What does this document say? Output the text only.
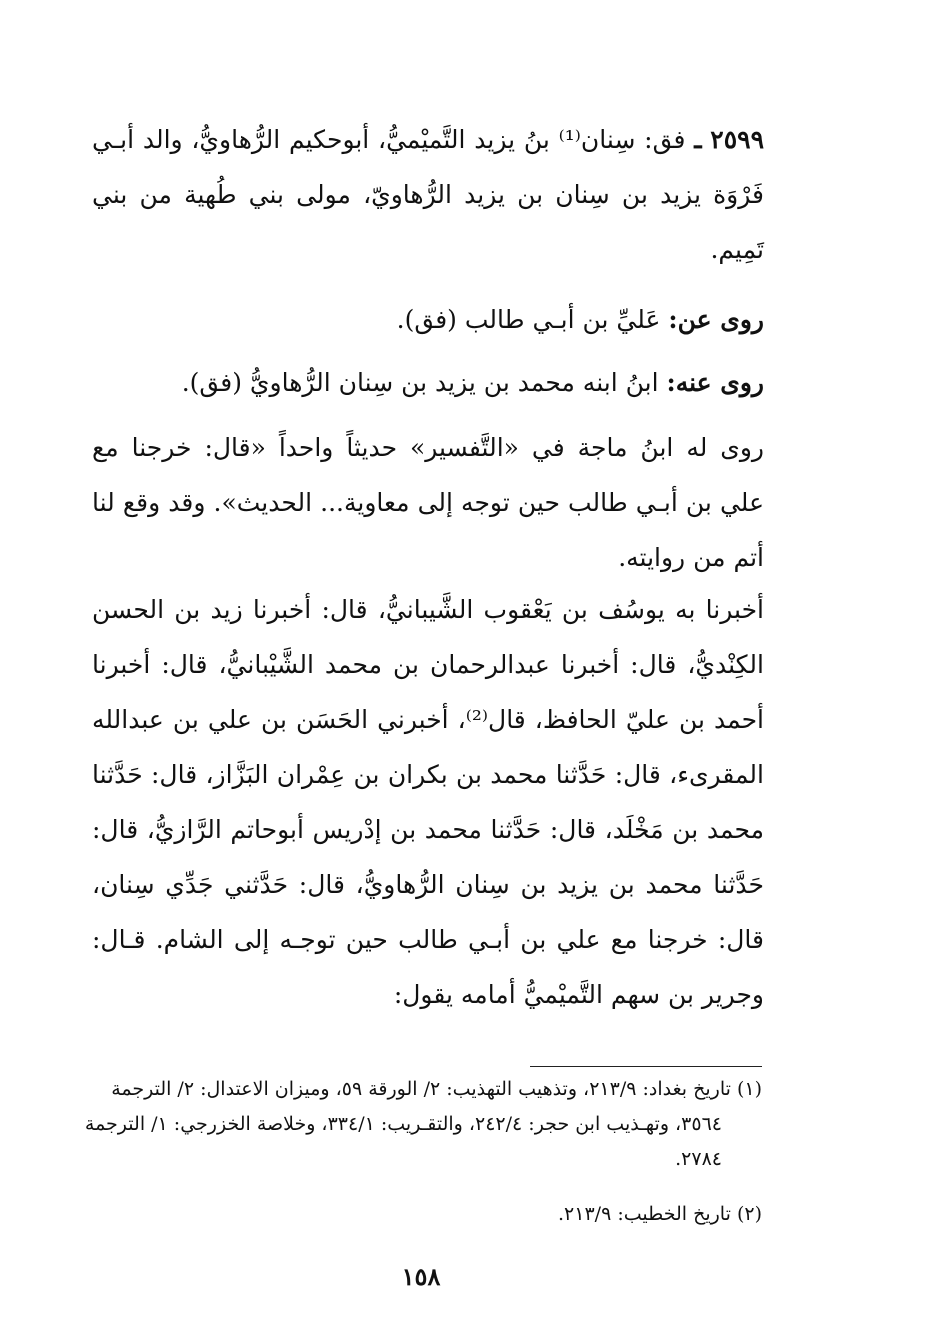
٢٥٩٩ ـ فق: سِنان⁽¹⁾ بنُ يزيد التَّميْميُّ، أبوحكيم الرُّهاويُّ، والد أبـي فَرْوَة يزيد بن سِنان بن يزيد الرُّهاويّ، مولى بني طُهية من بني تَمِيم.

روى عن: عَليِّ بن أبـي طالب (فق).
روى عنه: ابنُ ابنه محمد بن يزيد بن سِنان الرُّهاويُّ (فق).

روى له ابنُ ماجة في «التَّفسير» حديثاً واحداً «قال: خرجنا مع علي بن أبـي طالب حين توجه إلى معاوية... الحديث». وقد وقع لنا أتم من روايته.

أخبرنا به يوسُف بن يَعْقوب الشَّيبانيُّ، قال: أخبرنا زيد بن الحسن الكِنْديُّ، قال: أخبرنا عبدالرحمان بن محمد الشَّيْبانيُّ، قال: أخبرنا أحمد بن عليّ الحافظ، قال⁽²⁾، أخبرني الحَسَن بن علي بن عبدالله المقرىء، قال: حَدَّثنا محمد بن بكران بن عِمْران البَزَّاز، قال: حَدَّثنا محمد بن مَخْلَد، قال: حَدَّثنا محمد بن إدْريس أبوحاتم الرَّازيُّ، قال: حَدَّثنا محمد بن يزيد بن سِنان الرُّهاويُّ، قال: حَدَّثني جَدِّي سِنان، قال: خرجنا مع علي بن أبـي طالب حين توجـه إلى الشام. قـال: وجرير بن سهم التَّميْميُّ أمامه يقول:

(١) تاريخ بغداد: ٢١٣/٩، وتذهيب التهذيب: ٢/ الورقة ٥٩، وميزان الاعتدال: ٢/ الترجمة ٣٥٦٤، وتهـذيب ابن حجر: ٢٤٢/٤، والتقـريب: ٣٣٤/١، وخلاصة الخزرجي: ١/ الترجمة ٢٧٨٤.

(٢) تاريخ الخطيب: ٢١٣/٩.

١٥٨
